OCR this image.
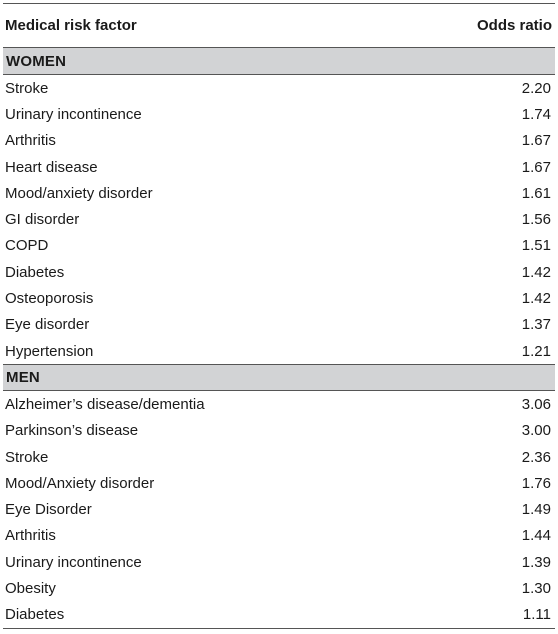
Medical risk factor	Odds ratio
WOMEN
Stroke	2.20
Urinary incontinence	1.74
Arthritis	1.67
Heart disease	1.67
Mood/anxiety disorder	1.61
GI disorder	1.56
COPD	1.51
Diabetes	1.42
Osteoporosis	1.42
Eye disorder	1.37
Hypertension	1.21
MEN
Alzheimer’s disease/dementia	3.06
Parkinson’s disease	3.00
Stroke	2.36
Mood/Anxiety disorder	1.76
Eye Disorder	1.49
Arthritis	1.44
Urinary incontinence	1.39
Obesity	1.30
Diabetes	1.11
